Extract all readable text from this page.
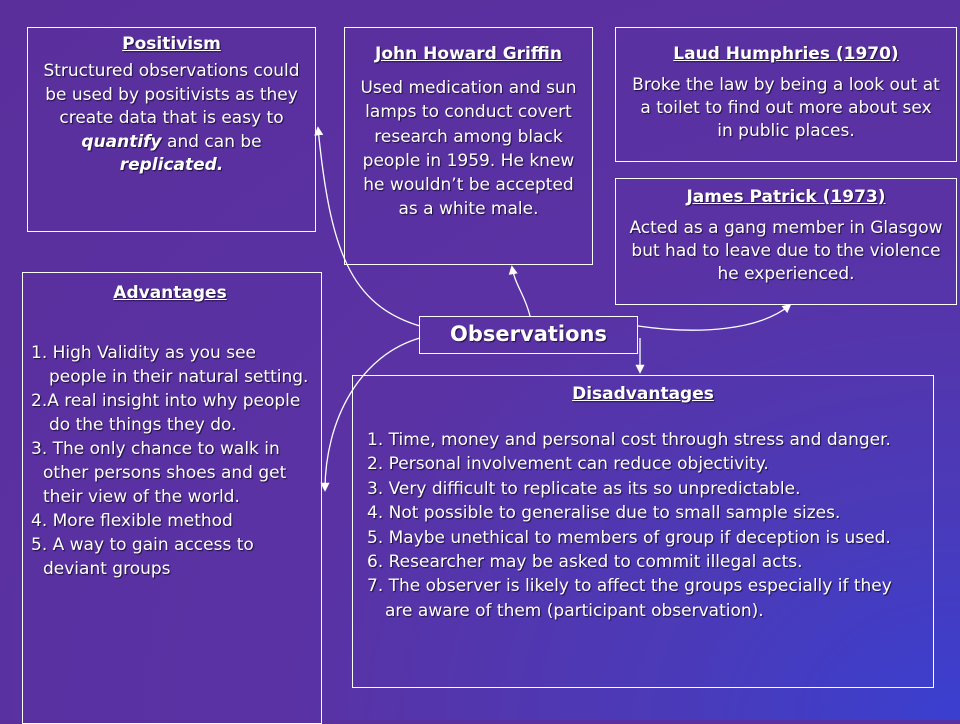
Positivism
Structured observations could be used by positivists as they create data that is easy to quantify and can be replicated.
John Howard Griffin
Used medication and sun lamps to conduct covert research among black people in 1959. He knew he wouldn’t be accepted as a white male.
Laud Humphries (1970)
Broke the law by being a look out at a toilet to find out more about sex in public places.
James Patrick (1973)
Acted as a gang member in Glasgow but had to leave due to the violence he experienced.
Observations
Advantages
1. High Validity as you see people in their natural setting.
2.A real insight into why people do the things they do.
3. The only chance to walk in other persons shoes and get their view of the world.
4. More flexible method
5. A way to gain access to deviant groups
Disadvantages
1. Time, money and personal cost through stress and danger.
2. Personal involvement can reduce objectivity.
3. Very difficult to replicate as its so unpredictable.
4. Not possible to generalise due to small sample sizes.
5. Maybe unethical to members of group if deception is used.
6. Researcher may be asked to commit illegal acts.
7. The observer is likely to affect the groups especially if they are aware of them (participant observation).
